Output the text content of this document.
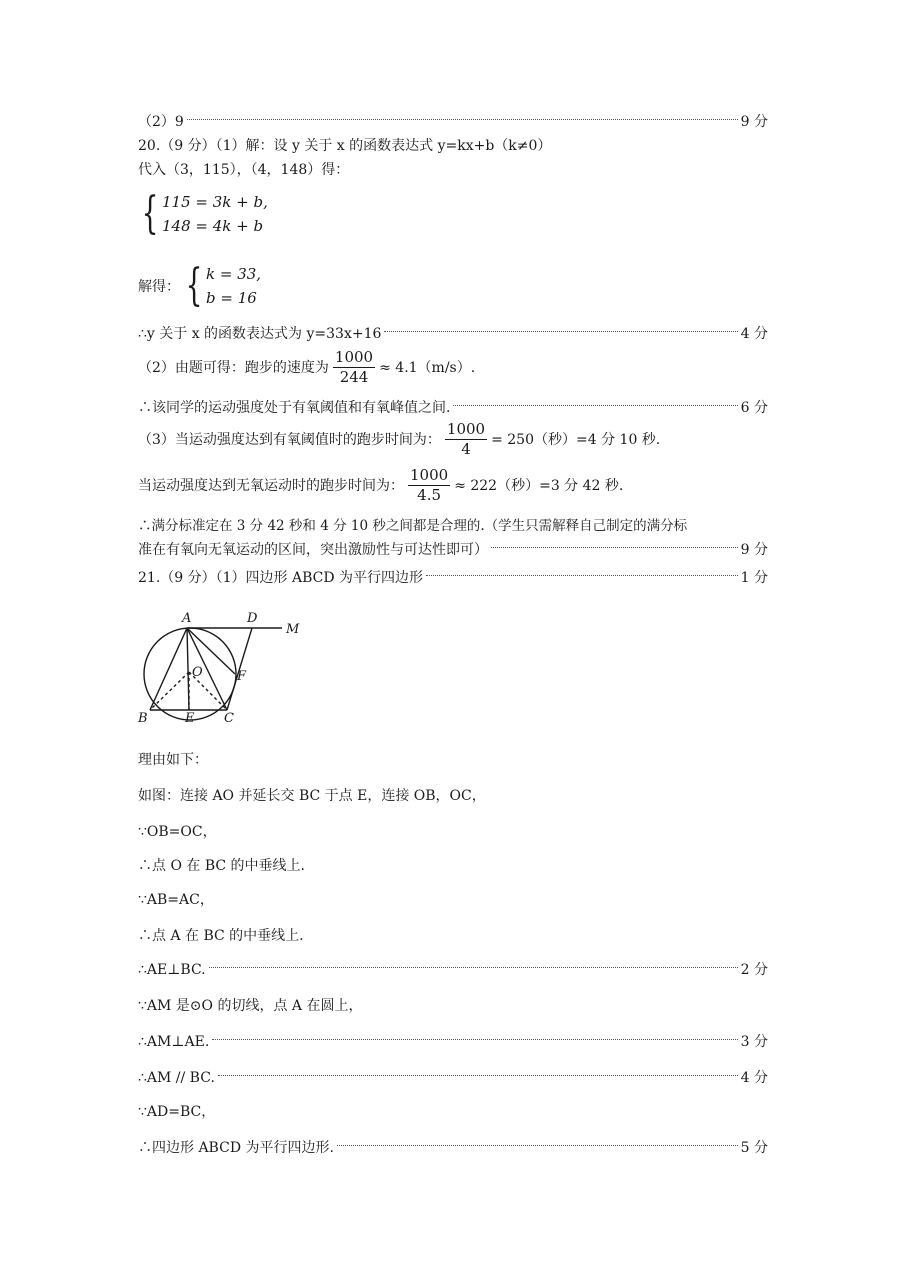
（2）9	9 分
20.（9 分）（1）解：设 y 关于 x 的函数表达式 y=kx+b（k≠0）
代入（3，115），（4，148）得：
{ 115 = 3k + b,
148 = 4k + b
解得： { k = 33,
b = 16
∴y 关于 x 的函数表达式为 y=33x+16	4 分
（2）由题可得：跑步的速度为 $\frac{1000}{244} \approx 4.1(m/s)$.
∴该同学的运动强度处于有氧阈值和有氧峰值之间.	6 分
（3）当运动强度达到有氧阈值时的跑步时间为： $\frac{1000}{4} = 250$（秒）=4 分 10 秒.
当运动强度达到无氧运动时的跑步时间为： $\frac{1000}{4.5} \approx 222$（秒）=3 分 42 秒.
∴满分标准定在 3 分 42 秒和 4 分 10 秒之间都是合理的.（学生只需解释自己制定的满分标
准在有氧向无氧运动的区间，突出激励性与可达性即可）	9 分
21.（9 分）（1）四边形 ABCD 为平行四边形	1 分
A	D
M
O	F
B	E C
理由如下：
如图：连接 AO 并延长交 BC 于点 E，连接 OB，OC，
∵OB=OC，
∴点 O 在 BC 的中垂线上.
∵AB=AC，
∴点 A 在 BC 的中垂线上.
∴AE⊥BC.	2 分
∵AM 是⊙O 的切线，点 A 在圆上，
∴AM⊥AE.	3 分
∴AM // BC.	4 分
∵AD=BC，
∴四边形 ABCD 为平行四边形.	5 分
